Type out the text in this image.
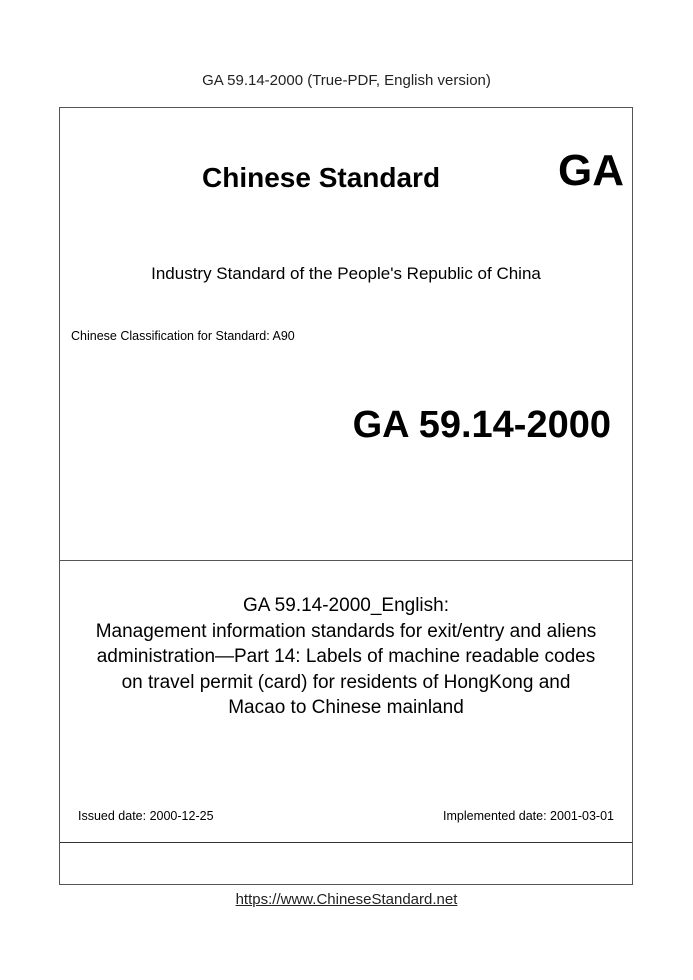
GA 59.14-2000 (True-PDF, English version)
Chinese Standard	GA
Industry Standard of the People's Republic of China
Chinese Classification for Standard: A90
GA 59.14-2000
GA 59.14-2000_English:
Management information standards for exit/entry and aliens
administration—Part 14: Labels of machine readable codes
on travel permit (card) for residents of HongKong and
Macao to Chinese mainland
Issued date: 2000-12-25	Implemented date: 2001-03-01
https://www.ChineseStandard.net
